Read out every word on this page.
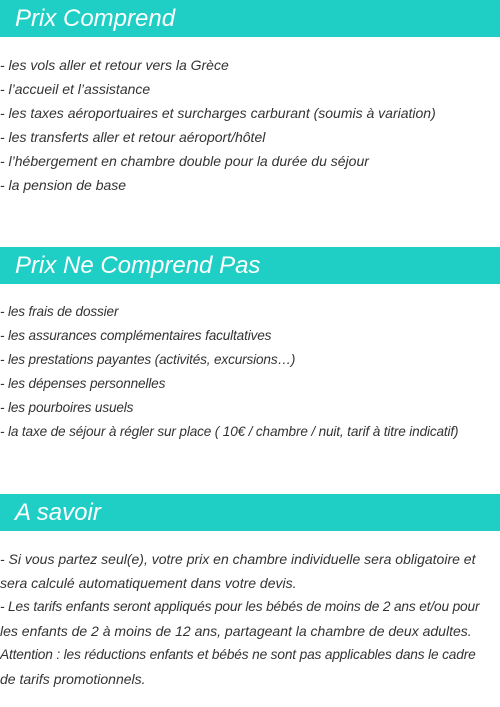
Prix Comprend
- les vols aller et retour vers la Grèce
- l’accueil et l’assistance
- les taxes aéroportuaires et surcharges carburant (soumis à variation)
- les transferts aller et retour aéroport/hôtel
- l’hébergement en chambre double pour la durée du séjour
- la pension de base
Prix Ne Comprend Pas
- les frais de dossier
- les assurances complémentaires facultatives
- les prestations payantes (activités, excursions…)
- les dépenses personnelles
- les pourboires usuels
- la taxe de séjour à régler sur place ( 10€ / chambre / nuit, tarif à titre indicatif)
A savoir
- Si vous partez seul(e), votre prix en chambre individuelle sera obligatoire et
sera calculé automatiquement dans votre devis.
- Les tarifs enfants seront appliqués pour les bébés de moins de 2 ans et/ou pour
les enfants de 2 à moins de 12 ans, partageant la chambre de deux adultes.
Attention : les réductions enfants et bébés ne sont pas applicables dans le cadre
de tarifs promotionnels.
